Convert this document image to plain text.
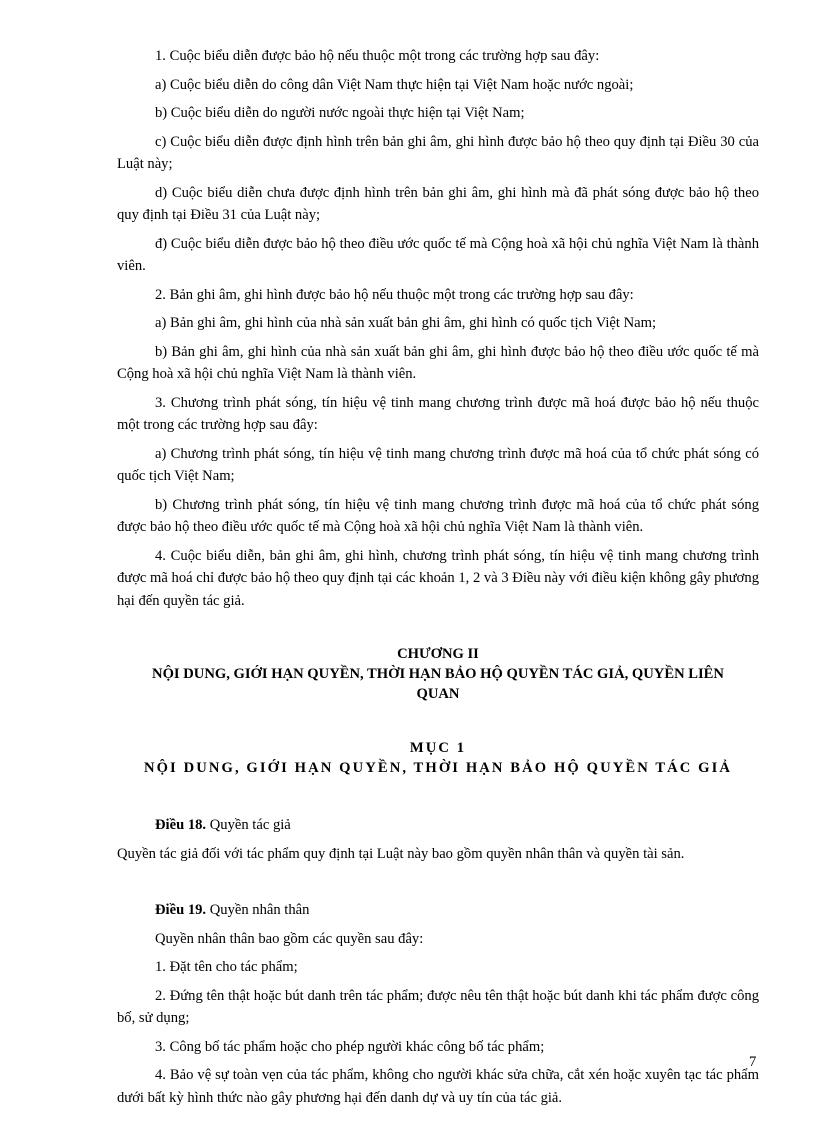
1. Cuộc biểu diễn được bảo hộ nếu thuộc một trong các trường hợp sau đây:

a) Cuộc biểu diễn do công dân Việt Nam thực hiện tại Việt Nam hoặc nước ngoài;

b) Cuộc biểu diễn do người nước ngoài thực hiện tại Việt Nam;

c) Cuộc biểu diễn được định hình trên bản ghi âm, ghi hình được bảo hộ theo quy định tại Điều 30 của Luật này;

d) Cuộc biểu diễn chưa được định hình trên bản ghi âm, ghi hình mà đã phát sóng được bảo hộ theo quy định tại Điều 31 của Luật này;

đ) Cuộc biểu diễn được bảo hộ theo điều ước quốc tế mà Cộng hoà xã hội chủ nghĩa Việt Nam là thành viên.

2. Bản ghi âm, ghi hình được bảo hộ nếu thuộc một trong các trường hợp sau đây:

a) Bản ghi âm, ghi hình của nhà sản xuất bản ghi âm, ghi hình có quốc tịch Việt Nam;

b) Bản ghi âm, ghi hình của nhà sản xuất bản ghi âm, ghi hình được bảo hộ theo điều ước quốc tế mà Cộng hoà xã hội chủ nghĩa Việt Nam là thành viên.

3. Chương trình phát sóng, tín hiệu vệ tinh mang chương trình được mã hoá được bảo hộ nếu thuộc một trong các trường hợp sau đây:

a) Chương trình phát sóng, tín hiệu vệ tinh mang chương trình được mã hoá của tổ chức phát sóng có quốc tịch Việt Nam;

b) Chương trình phát sóng, tín hiệu vệ tinh mang chương trình được mã hoá của tổ chức phát sóng được bảo hộ theo điều ước quốc tế mà Cộng hoà xã hội chủ nghĩa Việt Nam là thành viên.

4. Cuộc biểu diễn, bản ghi âm, ghi hình, chương trình phát sóng, tín hiệu vệ tinh mang chương trình được mã hoá chỉ được bảo hộ theo quy định tại các khoản 1, 2 và 3 Điều này với điều kiện không gây phương hại đến quyền tác giả.

CHƯƠNG II

NỘI DUNG, GIỚI HẠN QUYỀN, THỜI HẠN BẢO HỘ QUYỀN TÁC GIẢ, QUYỀN LIÊN

QUAN

MỤC 1

NỘI DUNG, GIỚI HẠN QUYỀN, THỜI HẠN BẢO HỘ QUYỀN TÁC GIẢ

Điều 18. Quyền tác giả

Quyền tác giả đối với tác phẩm quy định tại Luật này bao gồm quyền nhân thân và quyền tài sản.

Điều 19. Quyền nhân thân

Quyền nhân thân bao gồm các quyền sau đây:

1. Đặt tên cho tác phẩm;

2. Đứng tên thật hoặc bút danh trên tác phẩm; được nêu tên thật hoặc bút danh khi tác phẩm được công bố, sử dụng;

3. Công bố tác phẩm hoặc cho phép người khác công bố tác phẩm;

4. Bảo vệ sự toàn vẹn của tác phẩm, không cho người khác sửa chữa, cắt xén hoặc xuyên tạc tác phẩm dưới bất kỳ hình thức nào gây phương hại đến danh dự và uy tín của tác giả.

7
